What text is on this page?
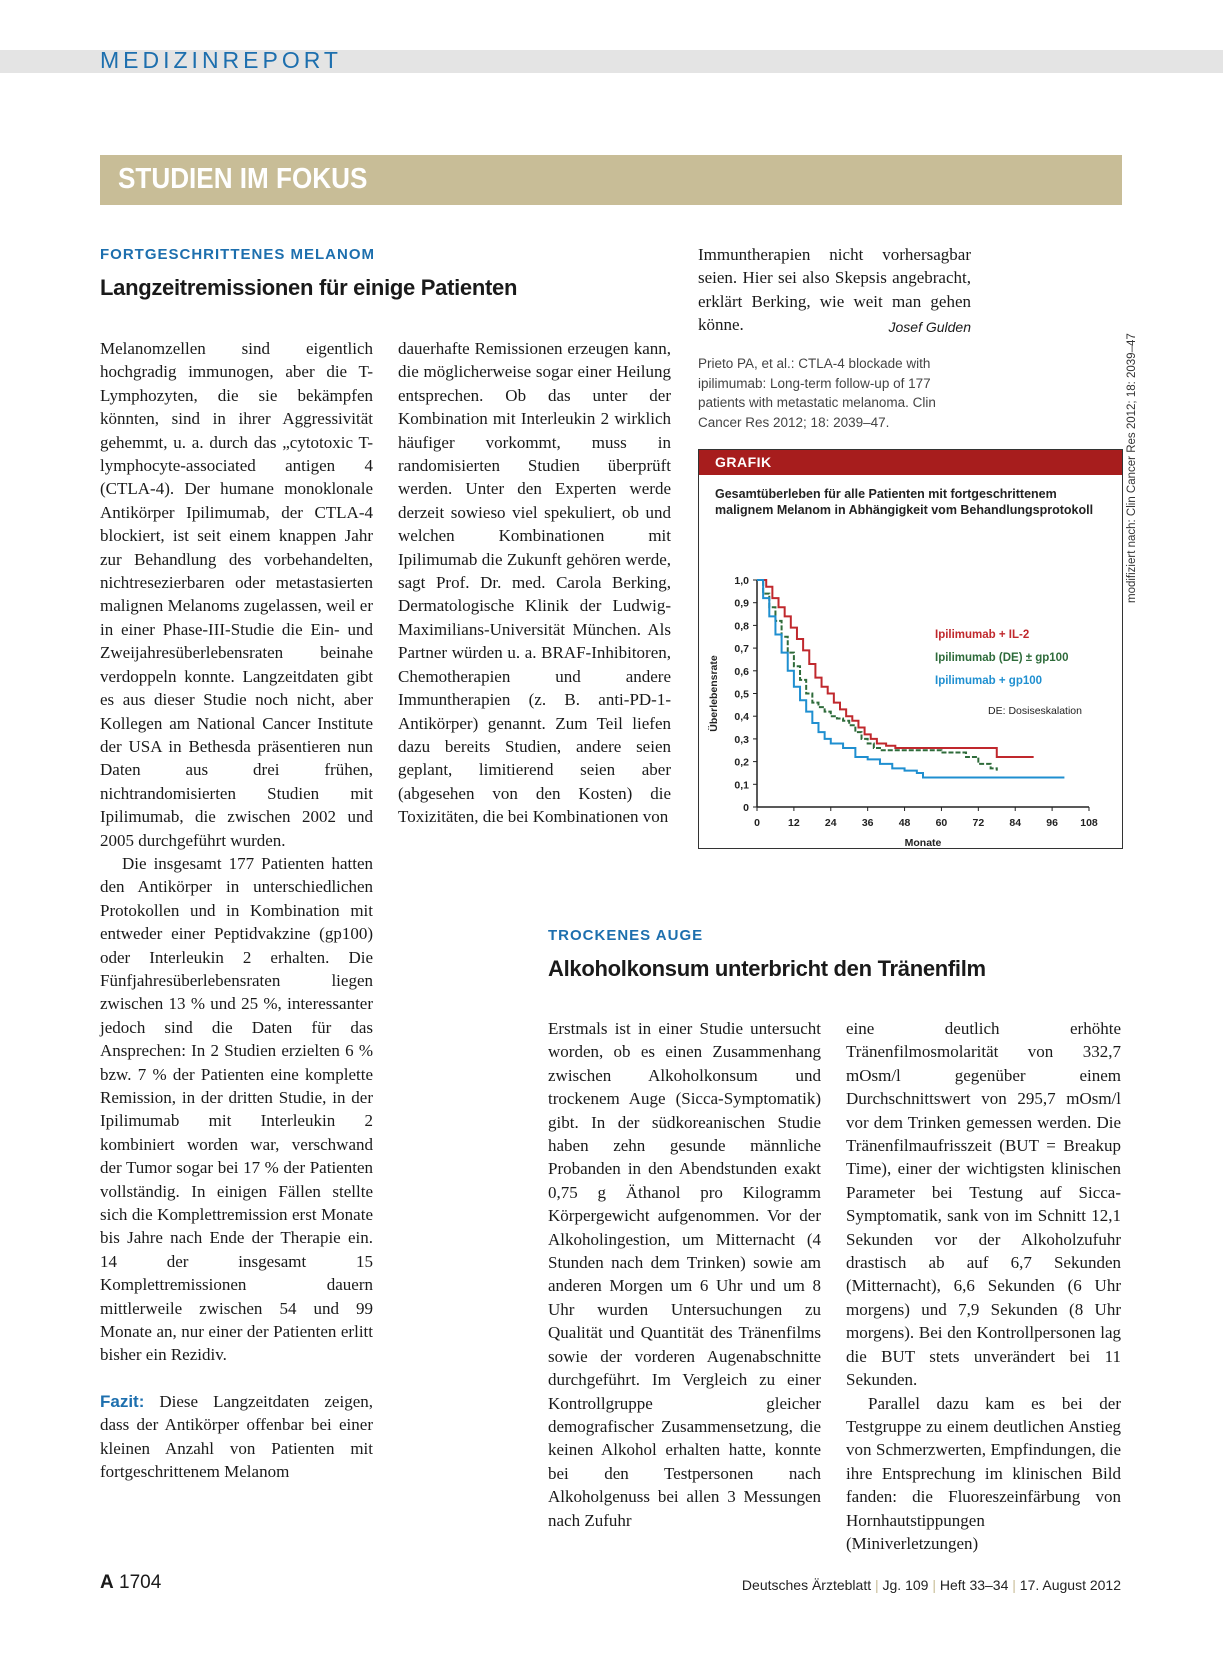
MEDIZINREPORT
STUDIEN IM FOKUS
FORTGESCHRITTENES MELANOM
Langzeitremissionen für einige Patienten

Melanomzellen sind eigentlich hochgradig immunogen, aber die T-Lymphozyten, die sie bekämpfen könnten, sind in ihrer Aggressivität gehemmt, u. a. durch das „cytotoxic T-lymphocyte-associated antigen 4 (CTLA-4). Der humane monoklonale Antikörper Ipilimumab, der CTLA-4 blockiert, ist seit einem knappen Jahr zur Behandlung des vorbehandelten, nichtresezierbaren oder metastasierten malignen Melanoms zugelassen, weil er in einer Phase-III-Studie die Ein- und Zweijahresüberlebensraten beinahe verdoppeln konnte. Langzeitdaten gibt es aus dieser Studie noch nicht, aber Kollegen am National Cancer Institute der USA in Bethesda präsentieren nun Daten aus drei frühen, nichtrandomisierten Studien mit Ipilimumab, die zwischen 2002 und 2005 durchgeführt wurden.

Die insgesamt 177 Patienten hatten den Antikörper in unterschiedlichen Protokollen und in Kombination mit entweder einer Peptidvakzine (gp100) oder Interleukin 2 erhalten. Die Fünfjahresüberlebensraten liegen zwischen 13 % und 25 %, interessanter jedoch sind die Daten für das Ansprechen: In 2 Studien erzielten 6 % bzw. 7 % der Patienten eine komplette Remission, in der dritten Studie, in der Ipilimumab mit Interleukin 2 kombiniert worden war, verschwand der Tumor sogar bei 17 % der Patienten vollständig. In einigen Fällen stellte sich die Komplettremission erst Monate bis Jahre nach Ende der Therapie ein. 14 der insgesamt 15 Komplettremissionen dauern mittlerweile zwischen 54 und 99 Monate an, nur einer der Patienten erlitt bisher ein Rezidiv.

Fazit: Diese Langzeitdaten zeigen, dass der Antikörper offenbar bei einer kleinen Anzahl von Patienten mit fortgeschrittenem Melanom

dauerhafte Remissionen erzeugen kann, die möglicherweise sogar einer Heilung entsprechen. Ob das unter der Kombination mit Interleukin 2 wirklich häufiger vorkommt, muss in randomisierten Studien überprüft werden. Unter den Experten werde derzeit sowieso viel spekuliert, ob und welchen Kombinationen mit Ipilimumab die Zukunft gehören werde, sagt Prof. Dr. med. Carola Berking, Dermatologische Klinik der Ludwig-Maximilians-Universität München. Als Partner würden u. a. BRAF-Inhibitoren, Chemotherapien und andere Immuntherapien (z. B. anti-PD-1-Antikörper) genannt. Zum Teil liefen dazu bereits Studien, andere seien geplant, limitierend seien aber (abgesehen von den Kosten) die Toxizitäten, die bei Kombinationen von

Immuntherapien nicht vorhersagbar seien. Hier sei also Skepsis angebracht, erklärt Berking, wie weit man gehen könne.	Josef Gulden

Prieto PA, et al.: CTLA-4 blockade with ipilimumab: Long-term follow-up of 177 patients with metastatic melanoma. Clin Cancer Res 2012; 18: 2039–47.
GRAFIK
Gesamtüberleben für alle Patienten mit fortgeschrittenem malignem Melanom in Abhängigkeit vom Behandlungsprotokoll
0
0,1
0,2
0,3
0,4
0,5
0,6
0,7
0,8
0,9
1,0
0	12 24 36 48 60 72 84 96 108
Monate
Überlebensrate
Ipilimumab + IL-2
Ipilimumab (DE) ± gp100
Ipilimumab + gp100
DE: Dosiseskalation
modifiziert nach: Clin Cancer Res 2012; 18: 2039–47
TROCKENES AUGE
Alkoholkonsum unterbricht den Tränenfilm

Erstmals ist in einer Studie untersucht worden, ob es einen Zusammenhang zwischen Alkoholkonsum und trockenem Auge (Sicca-Symptomatik) gibt. In der südkoreanischen Studie haben zehn gesunde männliche Probanden in den Abendstunden exakt 0,75 g Äthanol pro Kilogramm Körpergewicht aufgenommen. Vor der Alkoholingestion, um Mitternacht (4 Stunden nach dem Trinken) sowie am anderen Morgen um 6 Uhr und um 8 Uhr wurden Untersuchungen zu Qualität und Quantität des Tränenfilms sowie der vorderen Augenabschnitte durchgeführt. Im Vergleich zu einer Kontrollgruppe gleicher demografischer Zusammensetzung, die keinen Alkohol erhalten hatte, konnte bei den Testpersonen nach Alkoholgenuss bei allen 3 Messungen nach Zufuhr

eine deutlich erhöhte Tränenfilmosmolarität von 332,7 mOsm/l gegenüber einem Durchschnittswert von 295,7 mOsm/l vor dem Trinken gemessen werden. Die Tränenfilmaufrisszeit (BUT = Breakup Time), einer der wichtigsten klinischen Parameter bei Testung auf Sicca-Symptomatik, sank von im Schnitt 12,1 Sekunden vor der Alkoholzufuhr drastisch ab auf 6,7 Sekunden (Mitternacht), 6,6 Sekunden (6 Uhr morgens) und 7,9 Sekunden (8 Uhr morgens). Bei den Kontrollpersonen lag die BUT stets unverändert bei 11 Sekunden.

Parallel dazu kam es bei der Testgruppe zu einem deutlichen Anstieg von Schmerzwerten, Empfindungen, die ihre Entsprechung im klinischen Bild fanden: die Fluoreszeinfärbung von Hornhautstippungen (Miniverletzungen)

A 1704	Deutsches Ärzteblatt | Jg. 109 | Heft 33–34 | 17. August 2012
